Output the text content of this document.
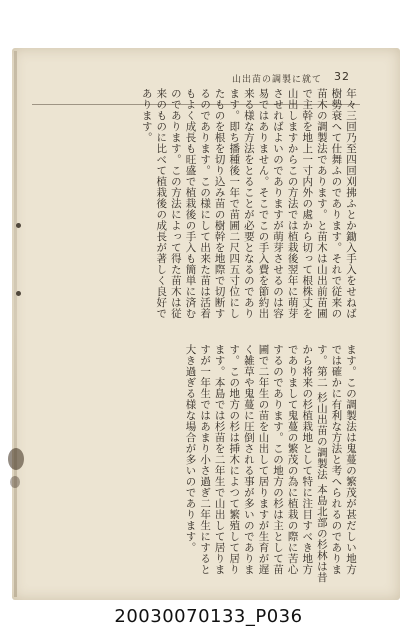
32
山出苗の調製に就て
年々三回乃至四回刈拂ふとか鋤入手入をせねば樹勢衰へて仕舞ふのであります。それで従来の苗木の調製法であります。と苗木は山出前苗圃で主幹を地上一寸内外の處から切って根株丈を山出しますからこの方法では植栽後翌年に萌芽させればよいのでありますが萌芽させるのは容易ではありません。そこでこの手入費を節約出来る様な方法をとることが必要となるのであります。即ち播種後一年で苗圃二尺四五寸位にしたものを根を切り込み苗の樹幹を地際で切断するのであります。この様にして出来た苗は活着もよく成長も旺盛で植栽後の手入も簡単に済むのであります。この方法によって得た苗木は従来のものに比べて植栽後の成長が著しく良好であります。
ます。この調製法は鬼蔓の繁茂が甚だしい地方では確かに有利な方法と考へられるのであります。第二 杉山出苗の調製法 本島北部の杉林は昔から将来の杉植栽地として特に注目すべき地方でありまして鬼蔓の繁茂の為に植栽の際に苦心するのであります。この地方の杉は主として苗圃で二年生の苗を山出して居りますが生育が遅く雑草や鬼蔓に圧倒される事が多いのであります。この地方の杉は挿木によつて繁殖して居ります。本島では杉苗を二年生で山出して居りますが一年生ではあまり小さ過ぎ二年生にすると大き過ぎる様な場合が多いのであります。
20030070133_P036
